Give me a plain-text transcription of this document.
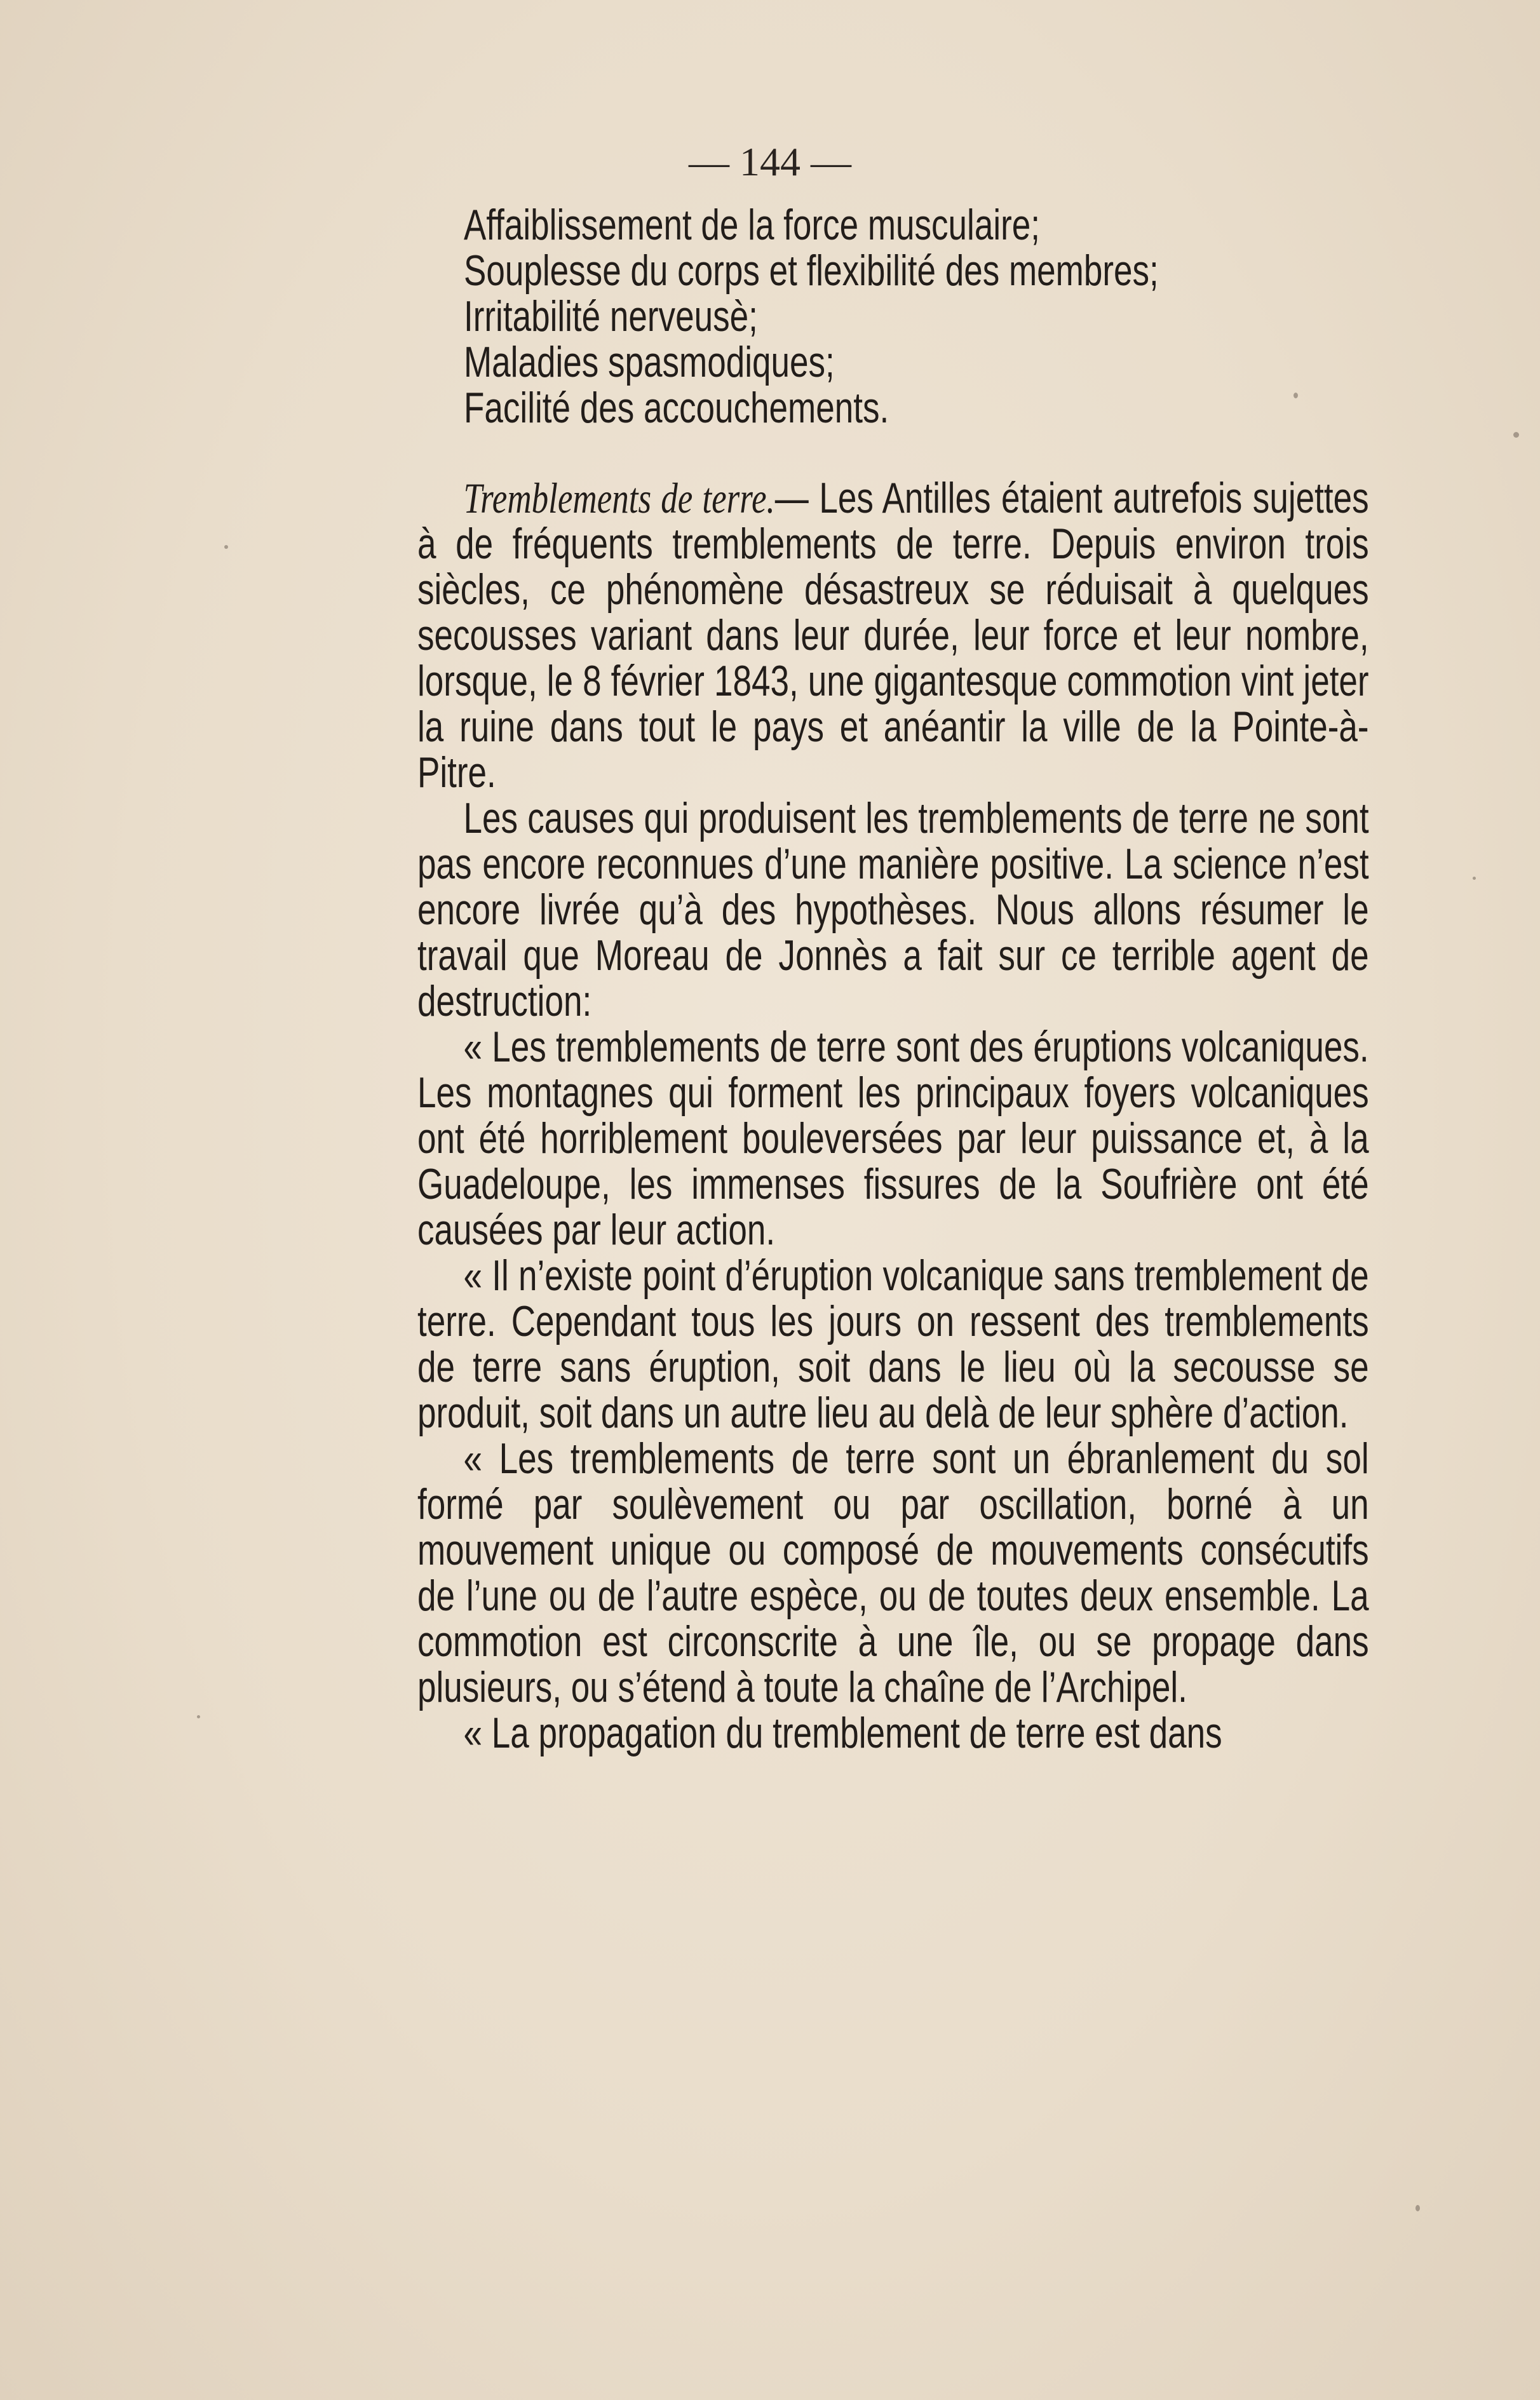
— 144 —
Affaiblissement de la force musculaire;
Souplesse du corps et flexibilité des membres;
Irritabilité nerveusè;
Maladies spasmodiques;
Facilité des accouchements.

Tremblements de terre.— Les Antilles étaient autrefois sujettes à de fréquents tremblements de terre. Depuis environ trois siècles, ce phénomène désastreux se réduisait à quelques secousses variant dans leur durée, leur force et leur nombre, lorsque, le 8 février 1843, une gigantesque commotion vint jeter la ruine dans tout le pays et anéantir la ville de la Pointe-à-Pitre.

Les causes qui produisent les tremblements de terre ne sont pas encore reconnues d’une manière positive. La science n’est encore livrée qu’à des hypothèses. Nous allons résumer le travail que Moreau de Jonnès a fait sur ce terrible agent de destruction:

« Les tremblements de terre sont des éruptions volcaniques. Les montagnes qui forment les principaux foyers volcaniques ont été horriblement bouleversées par leur puissance et, à la Guadeloupe, les immenses fissures de la Soufrière ont été causées par leur action.

« Il n’existe point d’éruption volcanique sans tremblement de terre. Cependant tous les jours on ressent des tremblements de terre sans éruption, soit dans le lieu où la secousse se produit, soit dans un autre lieu au delà de leur sphère d’action.

« Les tremblements de terre sont un ébranlement du sol formé par soulèvement ou par oscillation, borné à un mouvement unique ou composé de mouvements consécutifs de l’une ou de l’autre espèce, ou de toutes deux ensemble. La commotion est circonscrite à une île, ou se propage dans plusieurs, ou s’étend à toute la chaîne de l’Archipel.

« La propagation du tremblement de terre est dans
